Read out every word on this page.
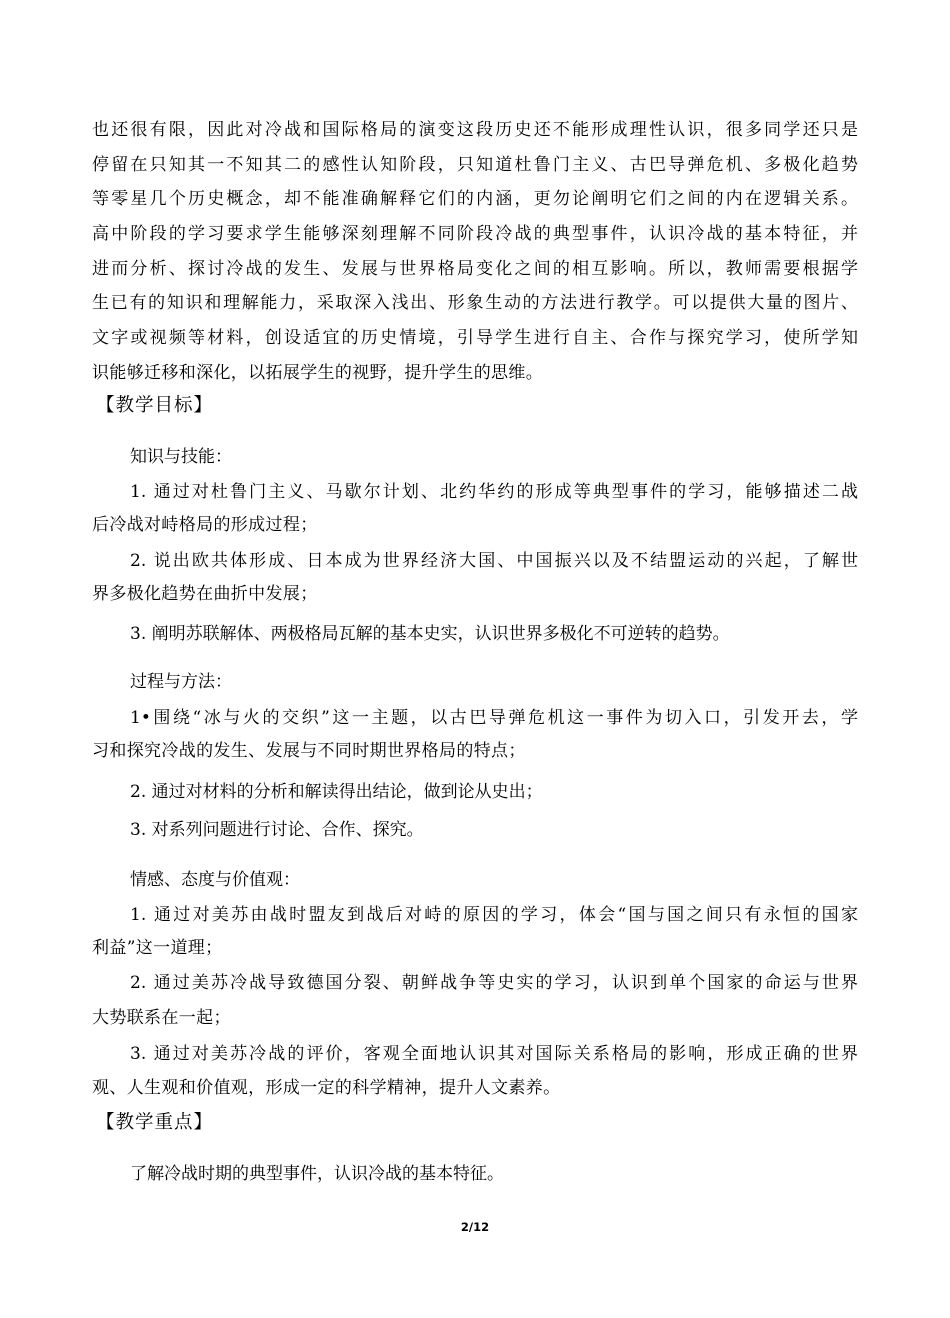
也还很有限，因此对冷战和国际格局的演变这段历史还不能形成理性认识，很多同学还只是
停留在只知其一不知其二的感性认知阶段，只知道杜鲁门主义、古巴导弹危机、多极化趋势
等零星几个历史概念，却不能准确解释它们的内涵，更勿论阐明它们之间的内在逻辑关系。
高中阶段的学习要求学生能够深刻理解不同阶段冷战的典型事件，认识冷战的基本特征，并
进而分析、探讨冷战的发生、发展与世界格局变化之间的相互影响。所以，教师需要根据学
生已有的知识和理解能力，采取深入浅出、形象生动的方法进行教学。可以提供大量的图片、
文字或视频等材料，创设适宜的历史情境，引导学生进行自主、合作与探究学习，使所学知
识能够迁移和深化，以拓展学生的视野，提升学生的思维。
【教学目标】
知识与技能：
1. 通过对杜鲁门主义、马歇尔计划、北约华约的形成等典型事件的学习，能够描述二战
后冷战对峙格局的形成过程；
2. 说出欧共体形成、日本成为世界经济大国、中国振兴以及不结盟运动的兴起，了解世
界多极化趋势在曲折中发展；
3. 阐明苏联解体、两极格局瓦解的基本史实，认识世界多极化不可逆转的趋势。
过程与方法：
1•围绕“冰与火的交织”这一主题，以古巴导弹危机这一事件为切入口，引发开去，学
习和探究冷战的发生、发展与不同时期世界格局的特点；
2. 通过对材料的分析和解读得出结论，做到论从史出；
3. 对系列问题进行讨论、合作、探究。
情感、态度与价值观：
1. 通过对美苏由战时盟友到战后对峙的原因的学习，体会“国与国之间只有永恒的国家
利益”这一道理；
2. 通过美苏冷战导致德国分裂、朝鲜战争等史实的学习，认识到单个国家的命运与世界
大势联系在一起；
3. 通过对美苏冷战的评价，客观全面地认识其对国际关系格局的影响，形成正确的世界
观、人生观和价值观，形成一定的科学精神，提升人文素养。
【教学重点】
了解冷战时期的典型事件，认识冷战的基本特征。
2/12
